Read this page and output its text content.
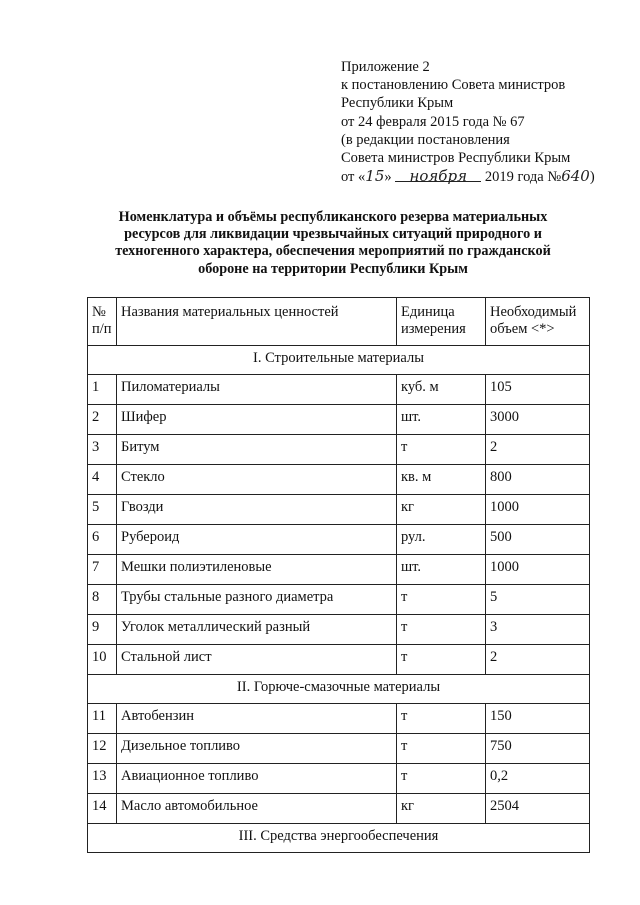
Приложение 2
к постановлению Совета министров
Республики Крым
от 24 февраля 2015 года № 67
(в редакции постановления
Совета министров Республики Крым
от «15» ноября 2019 года №640)
Номенклатура и объёмы республиканского резерва материальных
ресурсов для ликвидации чрезвычайных ситуаций природного и
техногенного характера, обеспечения мероприятий по гражданской
обороне на территории Республики Крым
№ п/п	Названия материальных ценностей	Единица измерения	Необходимый объем <*>
I. Строительные материалы			
1	Пиломатериалы	куб. м	105
2	Шифер	шт.	3000
3	Битум	т	2
4	Стекло	кв. м	800
5	Гвозди	кг	1000
6	Рубероид	рул.	500
7	Мешки полиэтиленовые	шт.	1000
8	Трубы стальные разного диаметра	т	5
9	Уголок металлический разный	т	3
10	Стальной лист	т	2
II. Горюче-смазочные материалы			
11	Автобензин	т	150
12	Дизельное топливо	т	750
13	Авиационное топливо	т	0,2
14	Масло автомобильное	кг	2504
III. Средства энергообеспечения			
